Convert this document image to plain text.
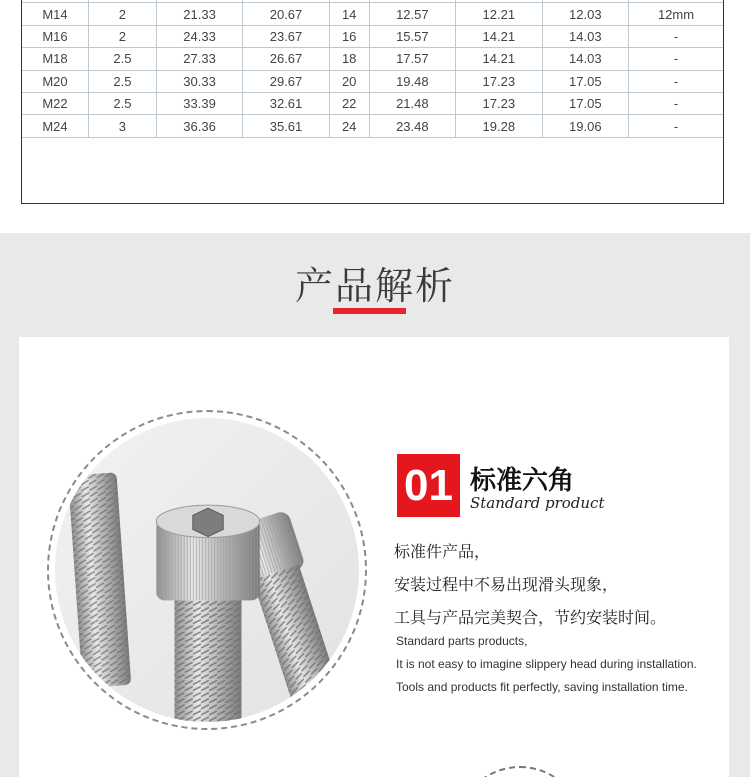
M14	2	21.33	20.67	14	12.57	12.21	12.03	12mm
M16	2	24.33	23.67	16	15.57	14.21	14.03	-
M18	2.5	27.33	26.67	18	17.57	14.21	14.03	-
M20	2.5	30.33	29.67	20	19.48	17.23	17.05	-
M22	2.5	33.39	32.61	22	21.48	17.23	17.05	-
M24	3	36.36	35.61	24	23.48	19.28	19.06	-
产品解析
01 标准六角
Standard product
标准件产品，
安装过程中不易出现滑头现象，
工具与产品完美契合，节约安装时间。
Standard parts products,
It is not easy to imagine slippery head during installation.
Tools and products fit perfectly, saving installation time.
